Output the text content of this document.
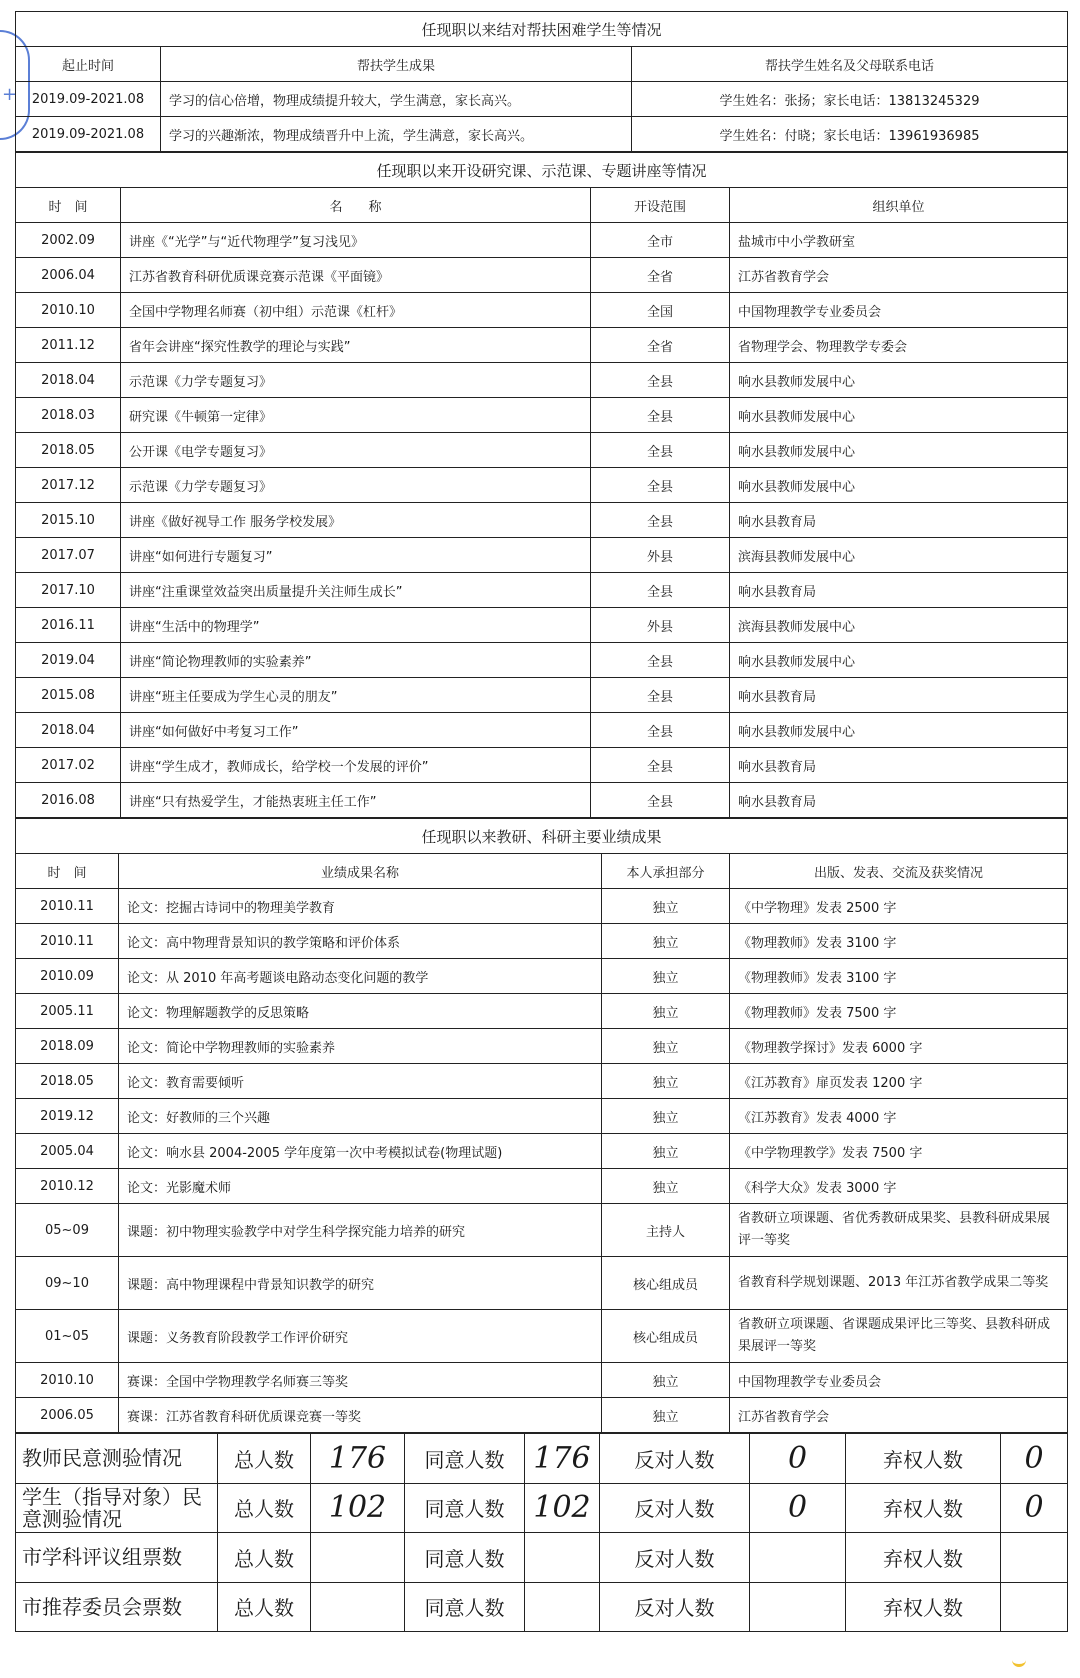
+
任现职以来结对帮扶困难学生等情况		
起止时间	帮扶学生成果	帮扶学生姓名及父母联系电话
2019.09-2021.08	学习的信心倍增，物理成绩提升较大，学生满意，家长高兴。	学生姓名：张扬；家长电话：13813245329
2019.09-2021.08	学习的兴趣渐浓，物理成绩晋升中上流，学生满意，家长高兴。	学生姓名：付晓；家长电话：13961936985
任现职以来开设研究课、示范课、专题讲座等情况			
时　间	名　　称	开设范围	组织单位
2002.09	讲座《“光学”与“近代物理学”复习浅见》	全市	盐城市中小学教研室
2006.04	江苏省教育科研优质课竞赛示范课《平面镜》	全省	江苏省教育学会
2010.10	全国中学物理名师赛（初中组）示范课《杠杆》	全国	中国物理教学专业委员会
2011.12	省年会讲座“探究性教学的理论与实践”	全省	省物理学会、物理教学专委会
2018.04	示范课《力学专题复习》	全县	响水县教师发展中心
2018.03	研究课《牛顿第一定律》	全县	响水县教师发展中心
2018.05	公开课《电学专题复习》	全县	响水县教师发展中心
2017.12	示范课《力学专题复习》	全县	响水县教师发展中心
2015.10	讲座《做好视导工作 服务学校发展》	全县	响水县教育局
2017.07	讲座“如何进行专题复习”	外县	滨海县教师发展中心
2017.10	讲座“注重课堂效益突出质量提升关注师生成长”	全县	响水县教育局
2016.11	讲座“生活中的物理学”	外县	滨海县教师发展中心
2019.04	讲座“简论物理教师的实验素养”	全县	响水县教师发展中心
2015.08	讲座“班主任要成为学生心灵的朋友”	全县	响水县教育局
2018.04	讲座“如何做好中考复习工作”	全县	响水县教师发展中心
2017.02	讲座“学生成才，教师成长，给学校一个发展的评价”	全县	响水县教育局
2016.08	讲座“只有热爱学生，才能热衷班主任工作”	全县	响水县教育局
任现职以来教研、科研主要业绩成果			
时　间	业绩成果名称	本人承担部分	出版、发表、交流及获奖情况
2010.11	论文：挖掘古诗词中的物理美学教育	独立	《中学物理》发表 2500 字
2010.11	论文：高中物理背景知识的教学策略和评价体系	独立	《物理教师》发表 3100 字
2010.09	论文：从 2010 年高考题谈电路动态变化问题的教学	独立	《物理教师》发表 3100 字
2005.11	论文：物理解题教学的反思策略	独立	《物理教师》发表 7500 字
2018.09	论文：简论中学物理教师的实验素养	独立	《物理教学探讨》发表 6000 字
2018.05	论文：教育需要倾听	独立	《江苏教育》扉页发表 1200 字
2019.12	论文：好教师的三个兴趣	独立	《江苏教育》发表 4000 字
2005.04	论文：响水县 2004-2005 学年度第一次中考模拟试卷(物理试题)	独立	《中学物理教学》发表 7500 字
2010.12	论文：光影魔术师	独立	《科学大众》发表 3000 字
05~09	课题：初中物理实验教学中对学生科学探究能力培养的研究	主持人	省教研立项课题、省优秀教研成果奖、县教科研成果展评一等奖
09~10	课题：高中物理课程中背景知识教学的研究	核心组成员	省教育科学规划课题、2013 年江苏省教学成果二等奖
01~05	课题：义务教育阶段教学工作评价研究	核心组成员	省教研立项课题、省课题成果评比三等奖、县教科研成果展评一等奖
2010.10	赛课：全国中学物理教学名师赛三等奖	独立	中国物理教学专业委员会
2006.05	赛课：江苏省教育科研优质课竞赛一等奖	独立	江苏省教育学会
教师民意测验情况	总人数	176	同意人数	176	反对人数	0	弃权人数	0
学生（指导对象）民意测验情况	总人数	102	同意人数	102	反对人数	0	弃权人数	0
市学科评议组票数	总人数		同意人数		反对人数		弃权人数	
市推荐委员会票数	总人数		同意人数		反对人数		弃权人数	
